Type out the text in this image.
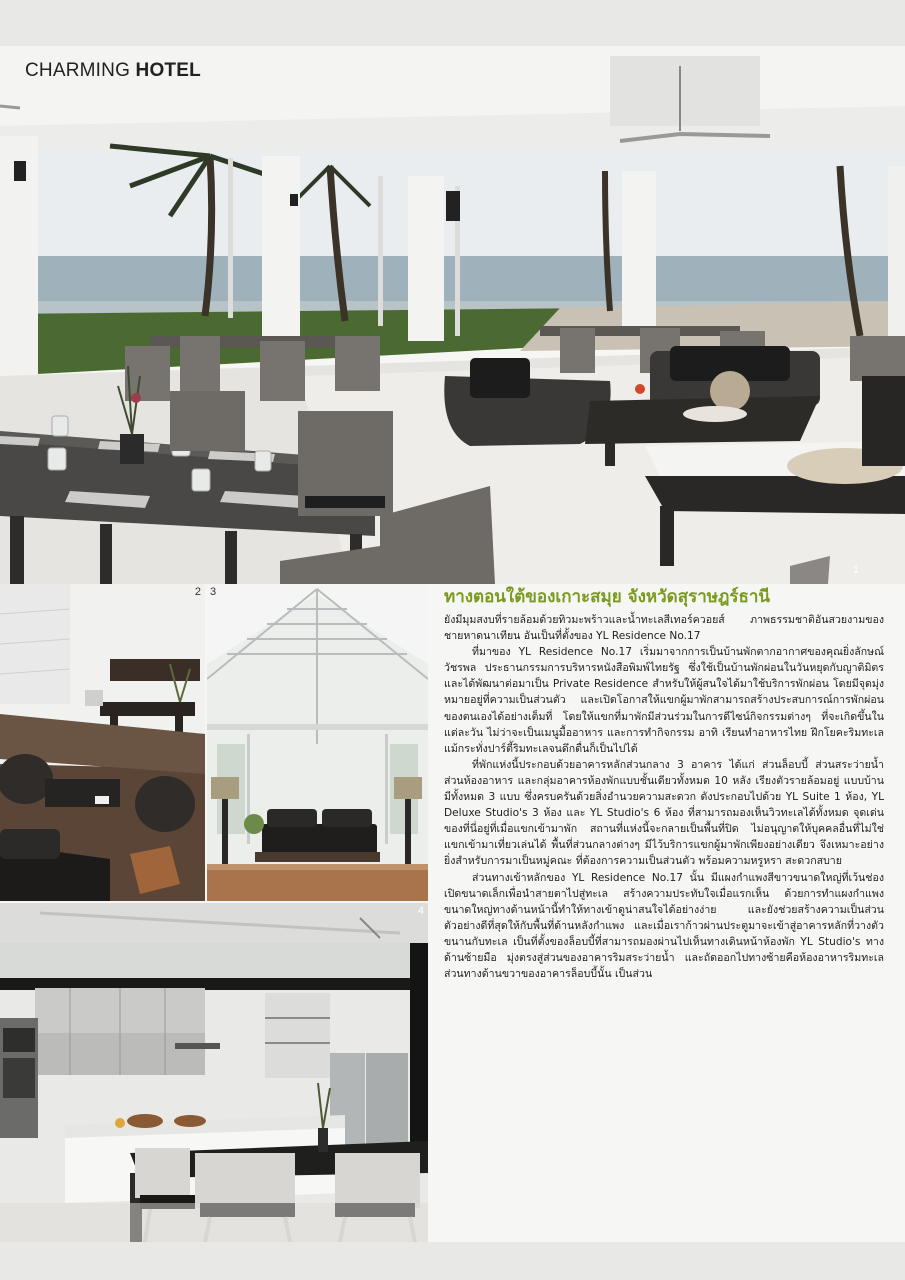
CHARMING HOTEL
1
2 3
4
ทางตอนใต้ของเกาะสมุย จังหวัดสุราษฎร์ธานี

ยังมีมุมสงบที่รายล้อมด้วยทิวมะพร้าวและน้ำทะเลสีเทอร์ควอยส์ ภาพธรรมชาติอันสวยงามของชายหาดนาเทียน อันเป็นที่ตั้งของ YL Residence No.17

ที่มาของ YL Residence No.17 เริ่มมาจากการเป็นบ้านพักตากอากาศของคุณยิ่งลักษณ์ วัชรพล ประธานกรรมการบริหารหนังสือพิมพ์ไทยรัฐ ซึ่งใช้เป็นบ้านพักผ่อนในวันหยุดกับญาติมิตร และได้พัฒนาต่อมาเป็น Private Residence สำหรับให้ผู้สนใจได้มาใช้บริการพักผ่อน โดยมีจุดมุ่งหมายอยู่ที่ความเป็นส่วนตัว และเปิดโอกาสให้แขกผู้มาพักสามารถสร้างประสบการณ์การพักผ่อนของตนเองได้อย่างเต็มที่ โดยให้แขกที่มาพักมีส่วนร่วมในการดีไซน์กิจกรรมต่างๆ ที่จะเกิดขึ้นในแต่ละวัน ไม่ว่าจะเป็นเมนูมื้ออาหาร และการทำกิจกรรม อาทิ เรียนทำอาหารไทย ฝึกโยคะริมทะเล แม้กระทั่งปาร์ตี้ริมทะเลจนดึกดื่นก็เป็นไปได้

ที่พักแห่งนี้ประกอบด้วยอาคารหลักส่วนกลาง 3 อาคาร ได้แก่ ส่วนล็อบบี้ ส่วนสระว่ายน้ำ ส่วนห้องอาหาร และกลุ่มอาคารห้องพักแบบชั้นเดียวทั้งหมด 10 หลัง เรียงตัวรายล้อมอยู่ แบบบ้านมีทั้งหมด 3 แบบ ซึ่งครบครันด้วยสิ่งอำนวยความสะดวก ดังประกอบไปด้วย YL Suite 1 ห้อง, YL Deluxe Studio's 3 ห้อง และ YL Studio's 6 ห้อง ที่สามารถมองเห็นวิวทะเลได้ทั้งหมด จุดเด่นของที่นี่อยู่ที่เมื่อแขกเข้ามาพัก สถานที่แห่งนี้จะกลายเป็นพื้นที่ปิด ไม่อนุญาตให้บุคคลอื่นที่ไม่ใช่แขกเข้ามาเที่ยวเล่นได้ พื้นที่ส่วนกลางต่างๆ มีไว้บริการแขกผู้มาพักเพียงอย่างเดียว จึงเหมาะอย่างยิ่งสำหรับการมาเป็นหมู่คณะ ที่ต้องการความเป็นส่วนตัว พร้อมความหรูหรา สะดวกสบาย

ส่วนทางเข้าหลักของ YL Residence No.17 นั้น มีแผงกำแพงสีขาวขนาดใหญ่ที่เว้นช่องเปิดขนาดเล็กเพื่อนำสายตาไปสู่ทะเล สร้างความประทับใจเมื่อแรกเห็น ด้วยการทำแผงกำแพงขนาดใหญ่ทางด้านหน้านี้ทำให้ทางเข้าดูน่าสนใจได้อย่างง่าย และยังช่วยสร้างความเป็นส่วนตัวอย่างดีที่สุดให้กับพื้นที่ด้านหลังกำแพง และเมื่อเราก้าวผ่านประตูมาจะเข้าสู่อาคารหลักที่วางตัวขนานกับทะเล เป็นที่ตั้งของล็อบบี้ที่สามารถมองผ่านไปเห็นทางเดินหน้าห้องพัก YL Studio's ทางด้านซ้ายมือ มุ่งตรงสู่ส่วนของอาคารริมสระว่ายน้ำ และถัดออกไปทางซ้ายคือห้องอาหารริมทะเล ส่วนทางด้านขวาของอาคารล็อบบี้นั้น เป็นส่วน
